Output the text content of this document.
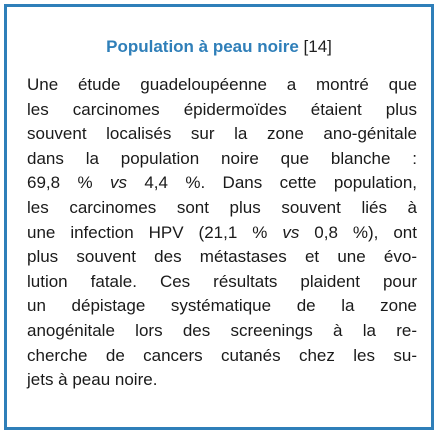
Population à peau noire [14]
Une étude guadeloupéenne a montré que
les carcinomes épidermoïdes étaient plus
souvent localisés sur la zone ano-génitale
dans la population noire que blanche :
69,8 % vs 4,4 %. Dans cette population,
les carcinomes sont plus souvent liés à
une infection HPV (21,1 % vs 0,8 %), ont
plus souvent des métastases et une évo-
lution fatale. Ces résultats plaident pour
un dépistage systématique de la zone
anogénitale lors des screenings à la re-
cherche de cancers cutanés chez les su-
jets à peau noire.
